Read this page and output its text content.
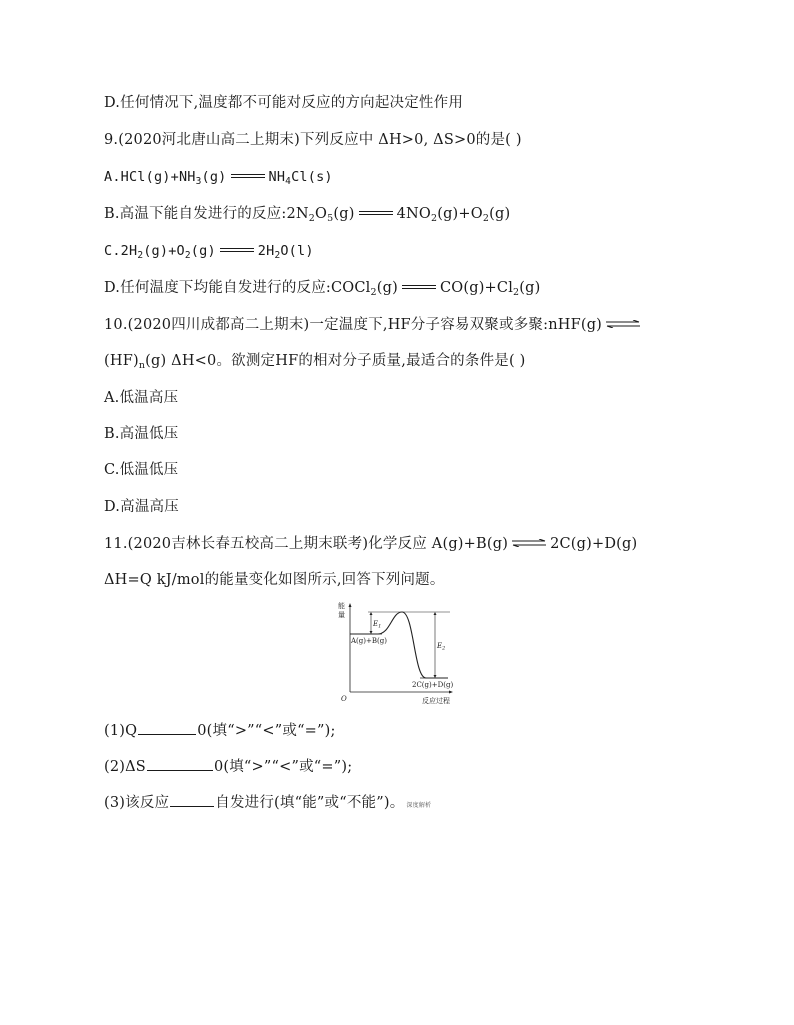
D.任何情况下,温度都不可能对反应的方向起决定性作用
9.(2020河北唐山高二上期末)下列反应中 ΔH>0, ΔS>0的是( )
$A.HCl(g)+NH_3(g)$	$NH_4Cl(s)$
B.高温下能自发进行的反应$:2N_2O_5(g)$	$4NO_2(g)+O_2(g)$
$C.2H_2(g)+O_2(g)$	$2H_2O(l)$
D.任何温度下均能自发进行的反应:COCl$_2$(g)	$CO(g)+Cl_2(g)$
10.(2020四川成都高二上期末)一定温度下,HF分子容易双聚或多聚:nHF(g) ⇌
$(HF)_n(g)$ ΔH<0。欲测定HF的相对分子质量,最适合的条件是( )
A.低温高压
B.高温低压
C.低温低压
D.高温高压
11.(2020吉林长春五校高二上期末联考)化学反应 A(g)+B(g) ⇌ 2C(g)+D(g)
ΔH=Q kJ/mol的能量变化如图所示,回答下列问题。
能
量
$E_1$
$E_2$
A(g)+B(g)
2C(g)+D(g)
O	反应过程
(1)Q	0(填“>”“<”或“=”);
(2)ΔS	0(填“>”“<”或“=”);
(3)该反应	自发进行(填“能”或“不能”)。 深度解析
